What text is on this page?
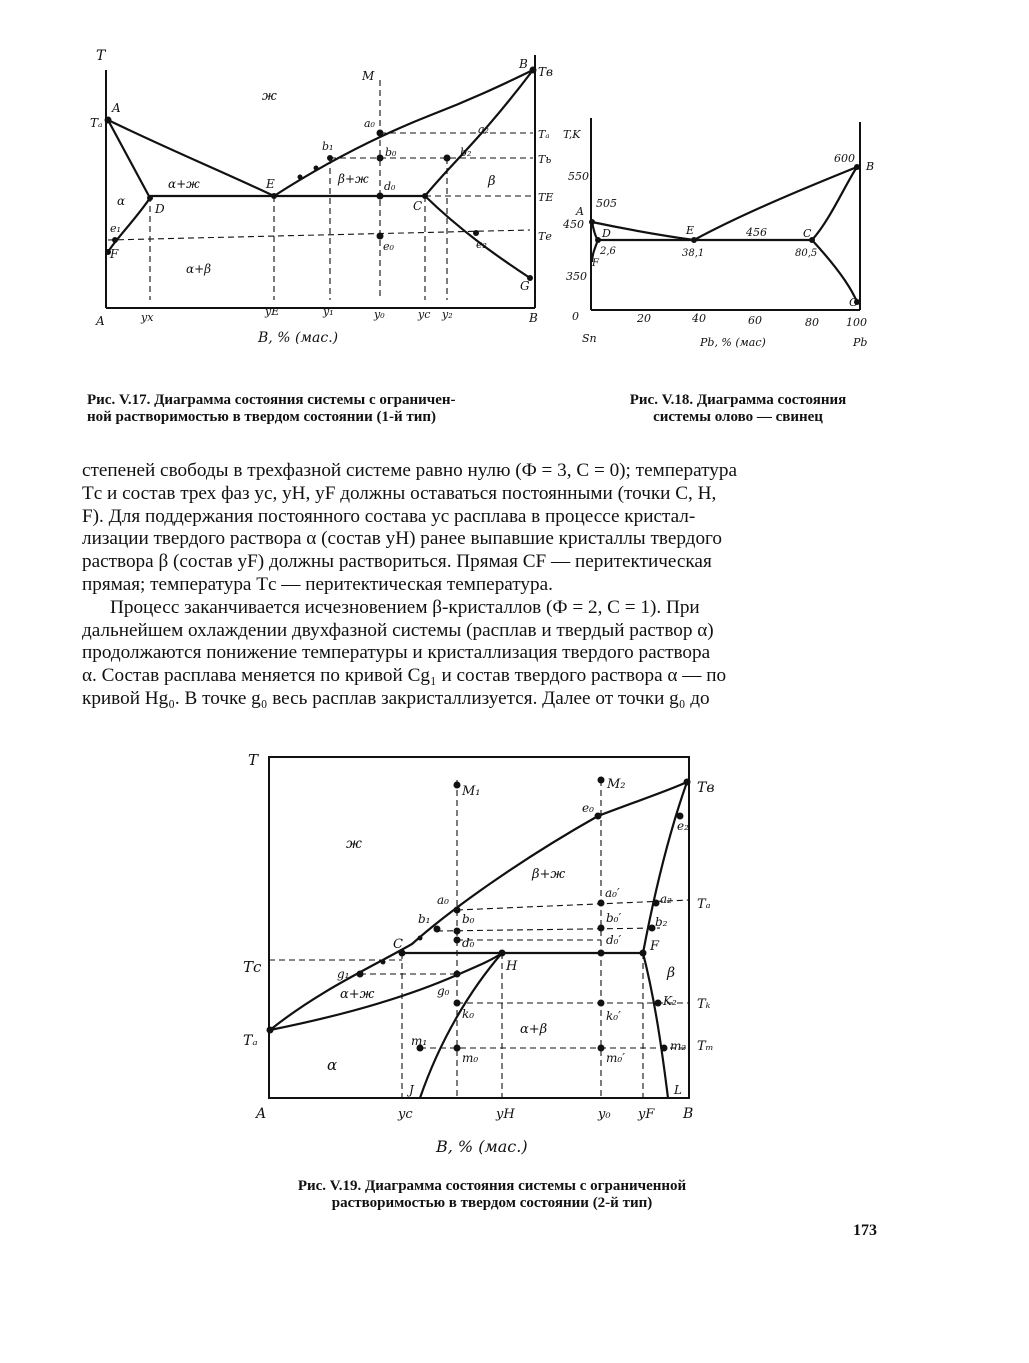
T
A
Tₐ
B
Tв
M
ж
α+ж	β+ж	β
α
α+β
E
D	C
F
G
a₀	a₂
b₁	b₀	b₂
d₀
e₁
e₀	e₂
Tₐ
Tь
TЕ
Tе
A	yx	yЕ	y₁	y₀	yс y₂	B
B, % (мас.)
Рис. V.17. Диаграмма состояния системы с ограничен-
ной растворимостью в твердом состоянии (1-й тип)
T,K
550
A
450
350
505
D	E	456	C
600
B
2,6	38,1	80,5
F
G
0	20	40	60	80 100
Sn	Pb, % (мас)	Pb
Рис. V.18. Диаграмма состояния
системы олово — свинец

степеней свободы в трехфазной системе равно нулю (Ф = 3, С = 0); температура

Tс и состав трех фаз yс, yН, yF должны оставаться постоянными (точки C, H,

F). Для поддержания постоянного состава yс расплава в процессе кристал-

лизации твердого раствора α (состав yН) ранее выпавшие кристаллы твердого

раствора β (состав yF) должны раствориться. Прямая CF — перитектическая

прямая; температура Tс — перитектическая температура.

Процесс заканчивается исчезновением β-кристаллов (Ф = 2, С = 1). При

дальнейшем охлаждении двухфазной системы (расплав и твердый раствор α)

продолжаются понижение температуры и кристаллизация твердого раствора

α. Состав расплава меняется по кривой Cg₁ и состав твердого раствора α — по

кривой Hg₀. В точке g₀ весь расплав закристаллизуется. Далее от точки g₀ до

T
Tс
Tₐ
Tв
M₁	M₂
ж
β+ж
α+ж
α
β
α+β
e₀
e₂
a₀	a₀′	a₂ Tₐ
b₁	b₀	b₀′	b₂
C	d₀	d₀′ F
g₁	H
g₀
k₀	k₀′
K₂ Tₖ
m₁
m₀	m₀′
m₂ Tₘ
J	L
A	yс	yН	y₀ yF B
B, % (мас.)
Рис. V.19. Диаграмма состояния системы с ограниченной
растворимостью в твердом состоянии (2-й тип)
173
